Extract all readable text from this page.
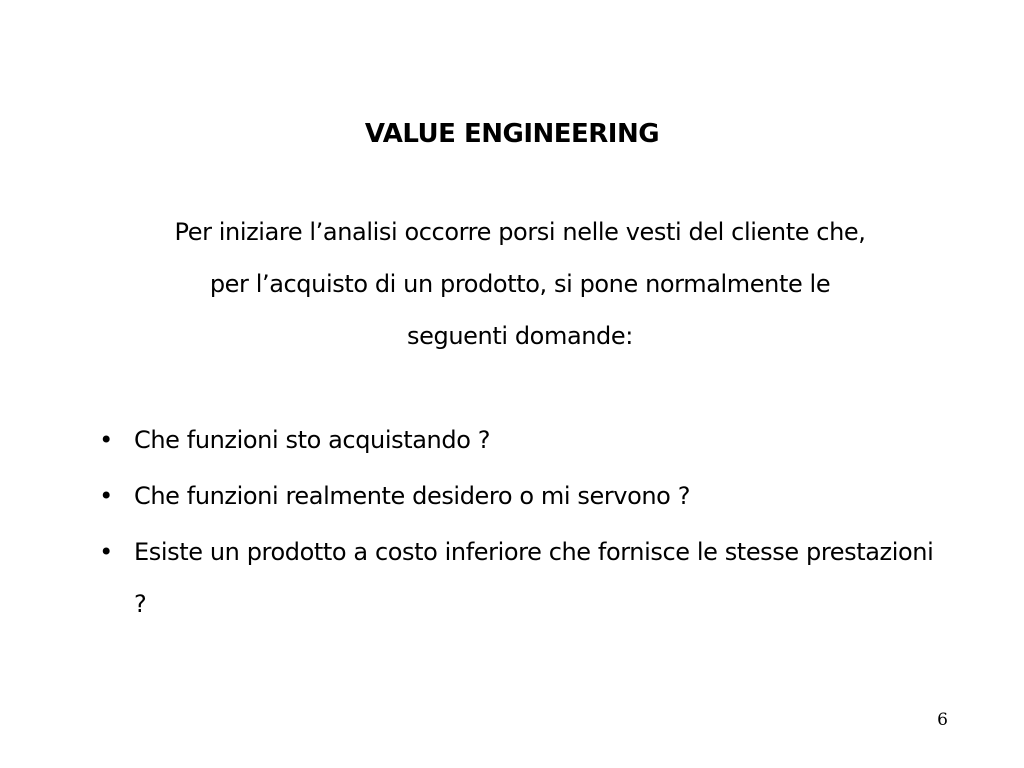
VALUE ENGINEERING
Per iniziare l’analisi occorre porsi nelle vesti del cliente che,
per l’acquisto di un prodotto, si pone normalmente le
seguenti domande:
• Che funzioni sto acquistando ?
• Che funzioni realmente desidero o mi servono ?
• Esiste un prodotto a costo inferiore che fornisce le stesse prestazioni ?
6
